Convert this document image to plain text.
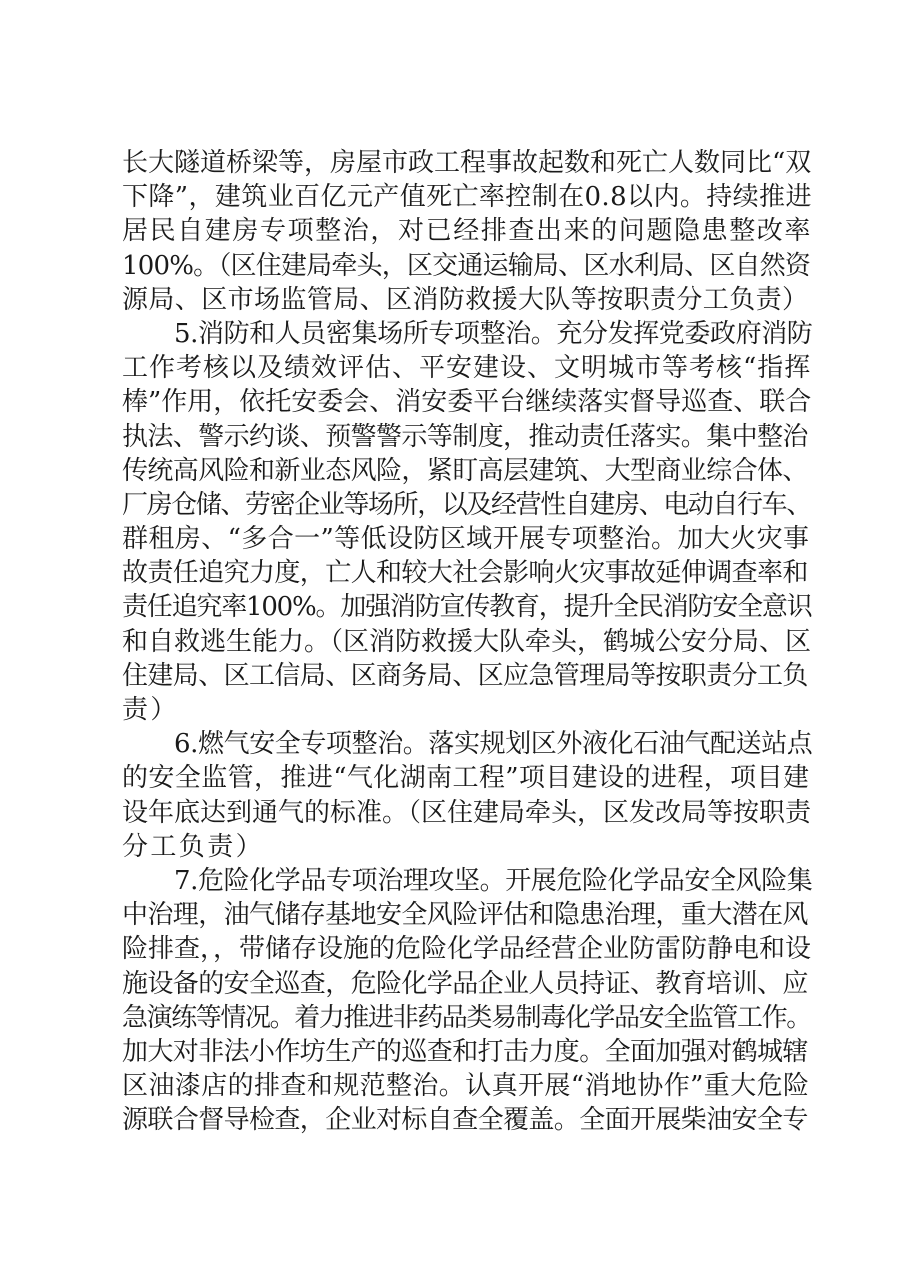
长大隧道桥梁等，房屋市政工程事故起数和死亡人数同比“双
下降”，建筑业百亿元产值死亡率控制在0.8以内。持续推进
居民自建房专项整治，对已经排查出来的问题隐患整改率
100%。（区住建局牵头，区交通运输局、区水利局、区自然资
源局、区市场监管局、区消防救援大队等按职责分工负责）
5.消防和人员密集场所专项整治。充分发挥党委政府消防
工作考核以及绩效评估、平安建设、文明城市等考核“指挥
棒”作用，依托安委会、消安委平台继续落实督导巡查、联合
执法、警示约谈、预警警示等制度，推动责任落实。集中整治
传统高风险和新业态风险，紧盯高层建筑、大型商业综合体、
厂房仓储、劳密企业等场所，以及经营性自建房、电动自行车、
群租房、“多合一”等低设防区域开展专项整治。加大火灾事
故责任追究力度，亡人和较大社会影响火灾事故延伸调查率和
责任追究率100%。加强消防宣传教育，提升全民消防安全意识
和自救逃生能力。（区消防救援大队牵头，鹤城公安分局、区
住建局、区工信局、区商务局、区应急管理局等按职责分工负
责）
6.燃气安全专项整治。落实规划区外液化石油气配送站点
的安全监管，推进“气化湖南工程”项目建设的进程，项目建
设年底达到通气的标准。（区住建局牵头，区发改局等按职责
分工负责）
7.危险化学品专项治理攻坚。开展危险化学品安全风险集
中治理，油气储存基地安全风险评估和隐患治理，重大潜在风
险排查，，带储存设施的危险化学品经营企业防雷防静电和设
施设备的安全巡查，危险化学品企业人员持证、教育培训、应
急演练等情况。着力推进非药品类易制毒化学品安全监管工作。
加大对非法小作坊生产的巡查和打击力度。全面加强对鹤城辖
区油漆店的排查和规范整治。认真开展“消地协作”重大危险
源联合督导检查，企业对标自查全覆盖。全面开展柴油安全专
